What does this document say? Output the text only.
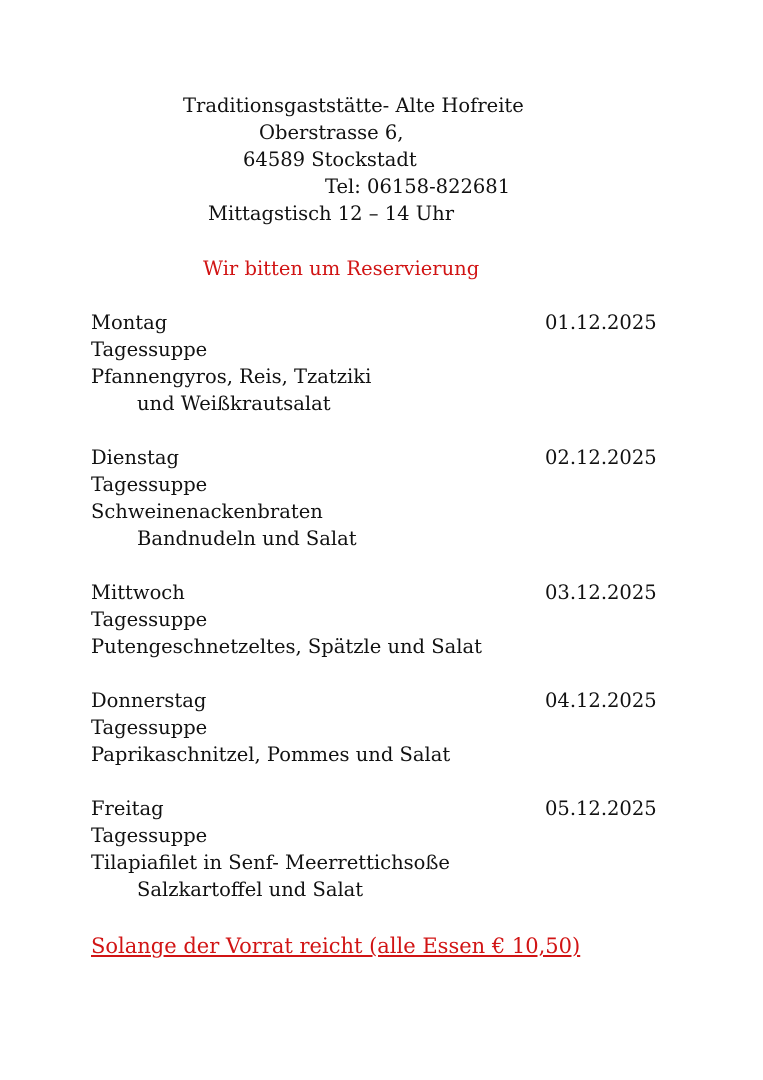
Traditionsgaststätte- Alte Hofreite
Oberstrasse 6,
64589 Stockstadt
Tel: 06158-822681
Mittagstisch 12 – 14 Uhr
Wir bitten um Reservierung
Montag	01.12.2025
Tagessuppe
Pfannengyros, Reis, Tzatziki
und Weißkrautsalat
Dienstag	02.12.2025
Tagessuppe
Schweinenackenbraten
Bandnudeln und Salat
Mittwoch	03.12.2025
Tagessuppe
Putengeschnetzeltes, Spätzle und Salat
Donnerstag	04.12.2025
Tagessuppe
Paprikaschnitzel, Pommes und Salat
Freitag	05.12.2025
Tagessuppe
Tilapiafilet in Senf- Meerrettichsoße
Salzkartoffel und Salat
Solange der Vorrat reicht (alle Essen € 10,50)
